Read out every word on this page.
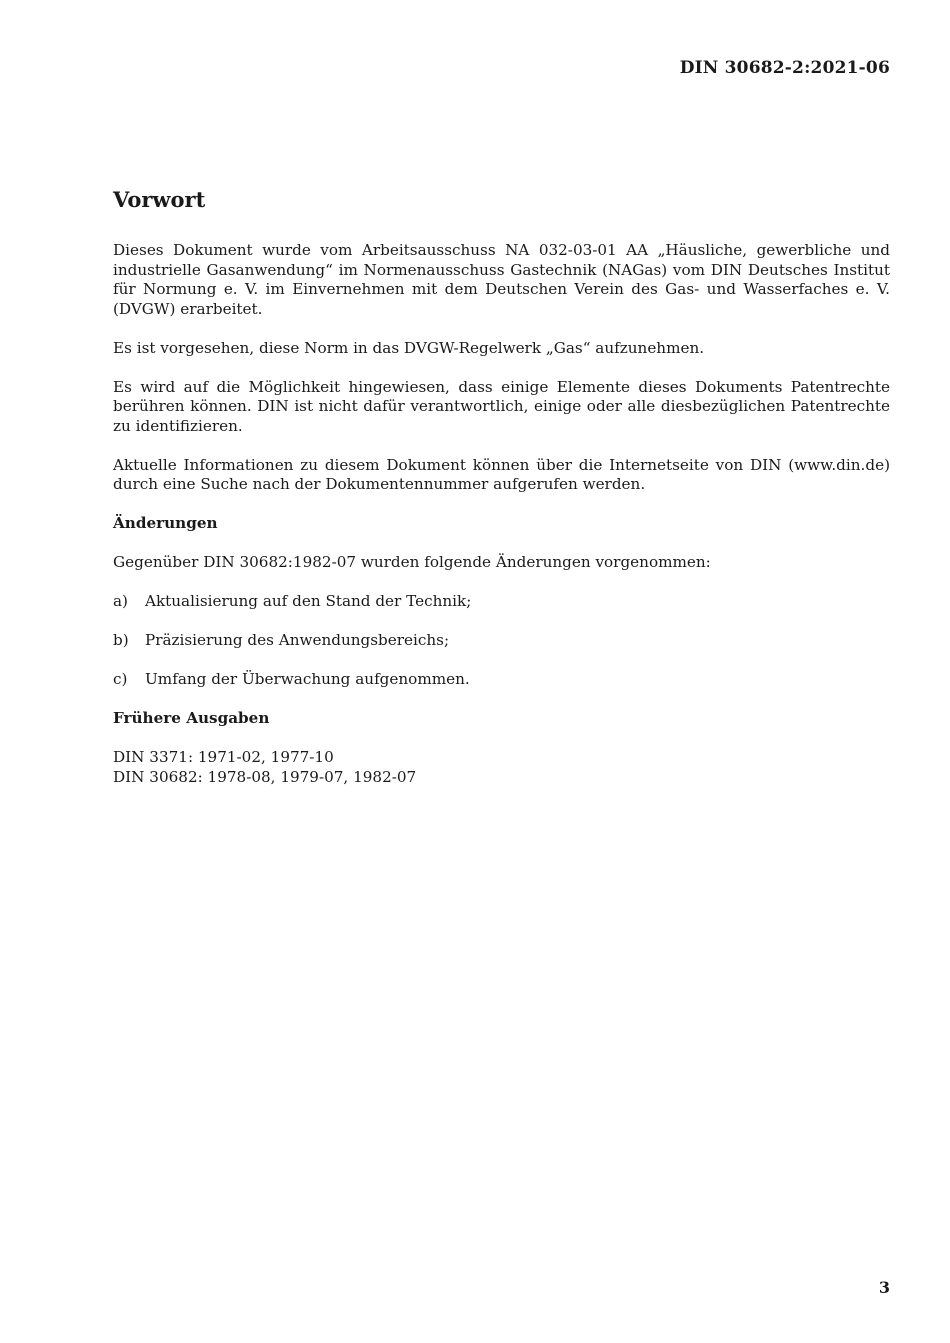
DIN 30682-2:2021-06
Vorwort

Dieses Dokument wurde vom Arbeitsausschuss NA 032-03-01 AA „Häusliche, gewerbliche und industrielle Gasanwendung“ im Normenausschuss Gastechnik (NAGas) vom DIN Deutsches Institut für Normung e. V. im Einvernehmen mit dem Deutschen Verein des Gas- und Wasserfaches e. V. (DVGW) erarbeitet.

Es ist vorgesehen, diese Norm in das DVGW-Regelwerk „Gas“ aufzunehmen.

Es wird auf die Möglichkeit hingewiesen, dass einige Elemente dieses Dokuments Patentrechte berühren können. DIN ist nicht dafür verantwortlich, einige oder alle diesbezüglichen Patentrechte zu identifizieren.

Aktuelle Informationen zu diesem Dokument können über die Internetseite von DIN (www.din.de) durch eine Suche nach der Dokumentennummer aufgerufen werden.

Änderungen

Gegenüber DIN 30682:1982-07 wurden folgende Änderungen vorgenommen:

a)	Aktualisierung auf den Stand der Technik;
b)	Präzisierung des Anwendungsbereichs;
c)	Umfang der Überwachung aufgenommen.
Frühere Ausgaben
DIN 3371: 1971-02, 1977-10
DIN 30682: 1978-08, 1979-07, 1982-07
3
